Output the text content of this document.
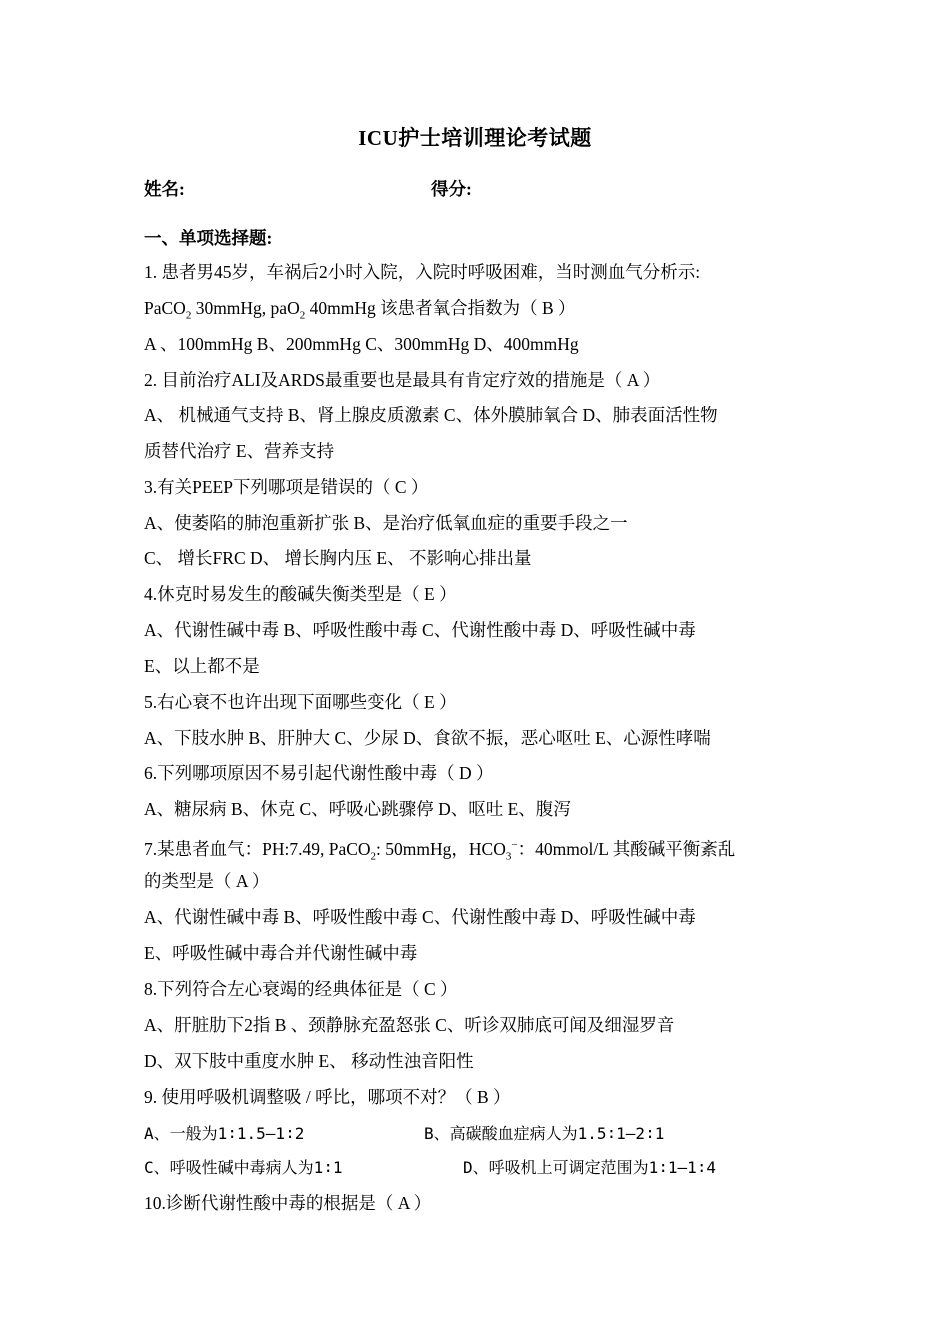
ICU护士培训理论考试题
姓名:	得分:
一、单项选择题:
1. 患者男45岁，车祸后2小时入院，入院时呼吸困难，当时测血气分析示:
PaCO$_2$ 30mmHg, paO$_2$ 40mmHg 该患者氧合指数为（ B ）
A 、100mmHg B、200mmHg C、300mmHg D、400mmHg
2. 目前治疗ALI及ARDS最重要也是最具有肯定疗效的措施是（ A ）
A、 机械通气支持 B、肾上腺皮质激素 C、体外膜肺氧合 D、肺表面活性物
质替代治疗 E、营养支持
3.有关PEEP下列哪项是错误的（ C ）
A、使萎陷的肺泡重新扩张 B、是治疗低氧血症的重要手段之一
C、 增长FRC D、 增长胸内压 E、 不影响心排出量
4.休克时易发生的酸碱失衡类型是（ E ）
A、代谢性碱中毒 B、呼吸性酸中毒 C、代谢性酸中毒 D、呼吸性碱中毒
E、以上都不是
5.右心衰不也许出现下面哪些变化（ E ）
A、下肢水肿 B、肝肿大 C、少尿 D、食欲不振，恶心呕吐 E、心源性哮喘
6.下列哪项原因不易引起代谢性酸中毒（ D ）
A、糖尿病 B、休克 C、呼吸心跳骤停 D、呕吐 E、腹泻
7.某患者血气：PH:7.49, PaCO$_2$: 50mmHg，$HCO_3^-$：40mmol/L 其酸碱平衡紊乱
的类型是（ A ）
A、代谢性碱中毒 B、呼吸性酸中毒 C、代谢性酸中毒 D、呼吸性碱中毒
E、呼吸性碱中毒合并代谢性碱中毒
8.下列符合左心衰竭的经典体征是（ C ）
A、肝脏肋下2指 B 、颈静脉充盈怒张 C、听诊双肺底可闻及细湿罗音
D、双下肢中重度水肿 E、 移动性浊音阳性
9. 使用呼吸机调整吸 / 呼比，哪项不对？（ B ）
A、一般为1∶1.5—1∶2	B、高碳酸血症病人为1.5∶1—2∶1
C、呼吸性碱中毒病人为1∶1	D、呼吸机上可调定范围为1∶1—1∶4
10.诊断代谢性酸中毒的根据是（ A ）
